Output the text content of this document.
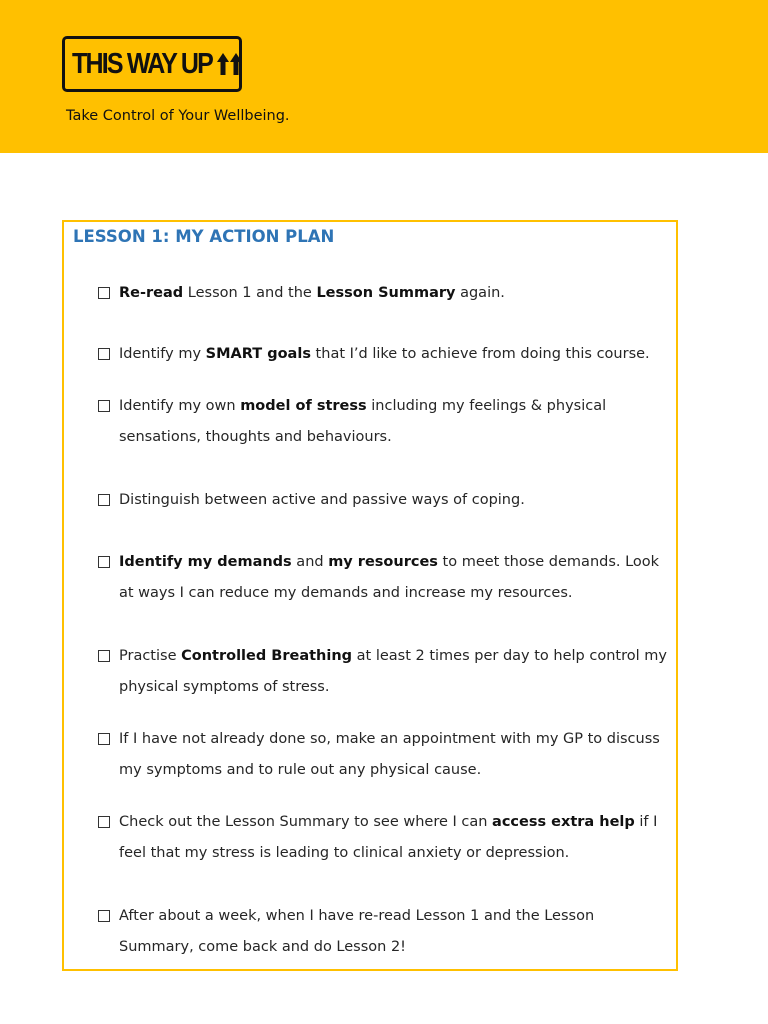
THIS WAY UP
Take Control of Your Wellbeing.
LESSON 1: MY ACTION PLAN
Re-read Lesson 1 and the Lesson Summary again.
Identify my SMART goals that I’d like to achieve from doing this course.
Identify my own model of stress including my feelings & physical sensations, thoughts and behaviours.
Distinguish between active and passive ways of coping.
Identify my demands and my resources to meet those demands. Look at ways I can reduce my demands and increase my resources.
Practise Controlled Breathing at least 2 times per day to help control my physical symptoms of stress.
If I have not already done so, make an appointment with my GP to discuss my symptoms and to rule out any physical cause.
Check out the Lesson Summary to see where I can access extra help if I feel that my stress is leading to clinical anxiety or depression.
After about a week, when I have re-read Lesson 1 and the Lesson Summary, come back and do Lesson 2!
